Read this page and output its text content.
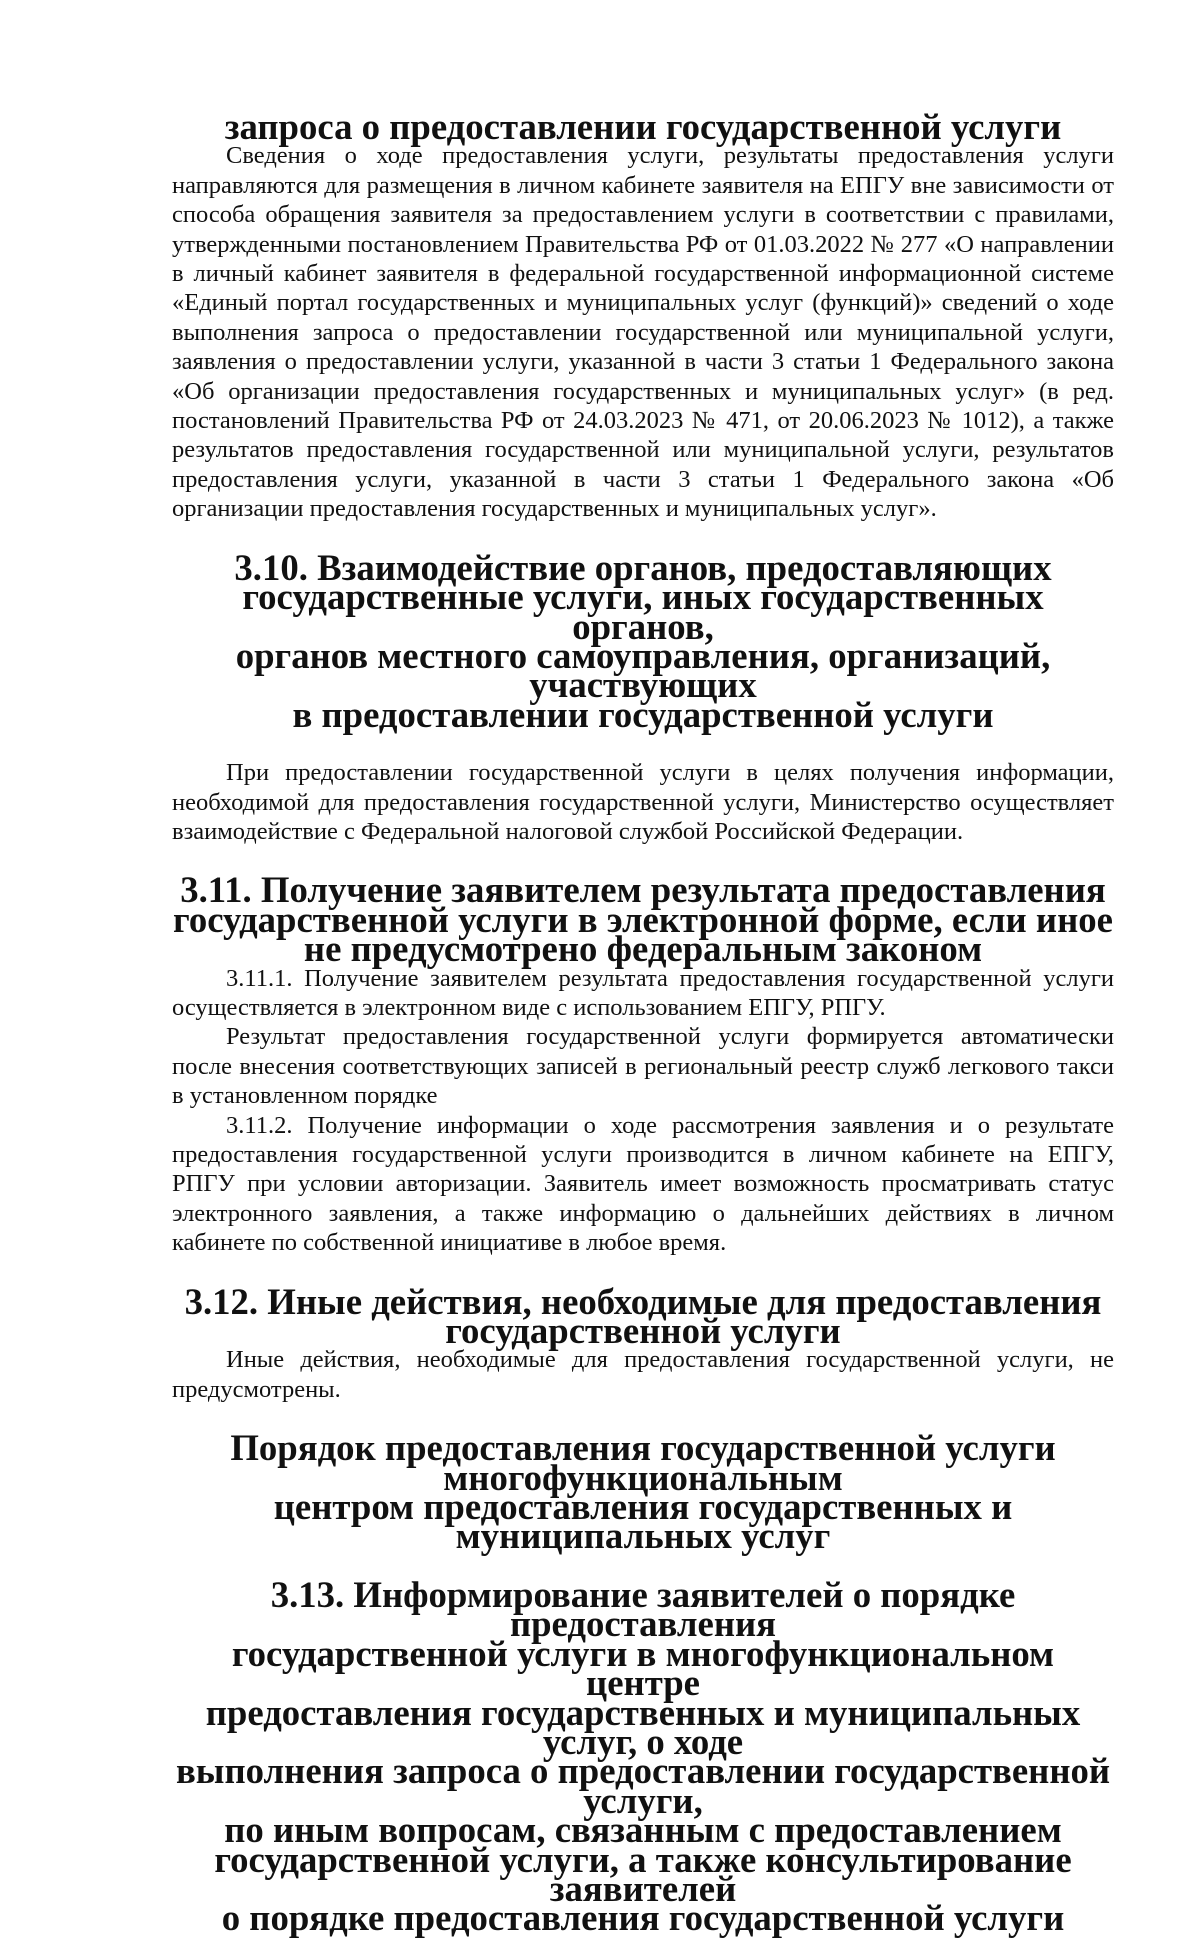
запроса о предоставлении государственной услуги

Сведения о ходе предоставления услуги, результаты предоставления услуги направляются для размещения в личном кабинете заявителя на ЕПГУ вне зависимости от способа обращения заявителя за предоставлением услуги в соответствии с правилами, утвержденными постановлением Правительства РФ от 01.03.2022 № 277 «О направлении в личный кабинет заявителя в федеральной государственной информационной системе «Единый портал государственных и муниципальных услуг (функций)» сведений о ходе выполнения запроса о предоставлении государственной или муниципальной услуги, заявления о предоставлении услуги, указанной в части 3 статьи 1 Федерального закона «Об организации предоставления государственных и муниципальных услуг» (в ред. постановлений Правительства РФ от 24.03.2023 № 471, от 20.06.2023 № 1012), а также результатов предоставления государственной или муниципальной услуги, результатов предоставления услуги, указанной в части 3 статьи 1 Федерального закона «Об организации предоставления государственных и муниципальных услуг».

3.10. Взаимодействие органов, предоставляющих
государственные услуги, иных государственных органов,
органов местного самоуправления, организаций, участвующих
в предоставлении государственной услуги

При предоставлении государственной услуги в целях получения информации, необходимой для предоставления государственной услуги, Министерство осуществляет взаимодействие с Федеральной налоговой службой Российской Федерации.

3.11. Получение заявителем результата предоставления
государственной услуги в электронной форме, если иное
не предусмотрено федеральным законом

3.11.1. Получение заявителем результата предоставления государственной услуги осуществляется в электронном виде с использованием ЕПГУ, РПГУ.

Результат предоставления государственной услуги формируется автоматически после внесения соответствующих записей в региональный реестр служб легкового такси в установленном порядке

3.11.2. Получение информации о ходе рассмотрения заявления и о результате предоставления государственной услуги производится в личном кабинете на ЕПГУ, РПГУ при условии авторизации. Заявитель имеет возможность просматривать статус электронного заявления, а также информацию о дальнейших действиях в личном кабинете по собственной инициативе в любое время.

3.12. Иные действия, необходимые для предоставления
государственной услуги

Иные действия, необходимые для предоставления государственной услуги, не предусмотрены.

Порядок предоставления государственной услуги многофункциональным
центром предоставления государственных и муниципальных услуг
3.13. Информирование заявителей о порядке предоставления
государственной услуги в многофункциональном центре
предоставления государственных и муниципальных услуг, о ходе
выполнения запроса о предоставлении государственной услуги,
по иным вопросам, связанным с предоставлением
государственной услуги, а также консультирование заявителей
о порядке предоставления государственной услуги
